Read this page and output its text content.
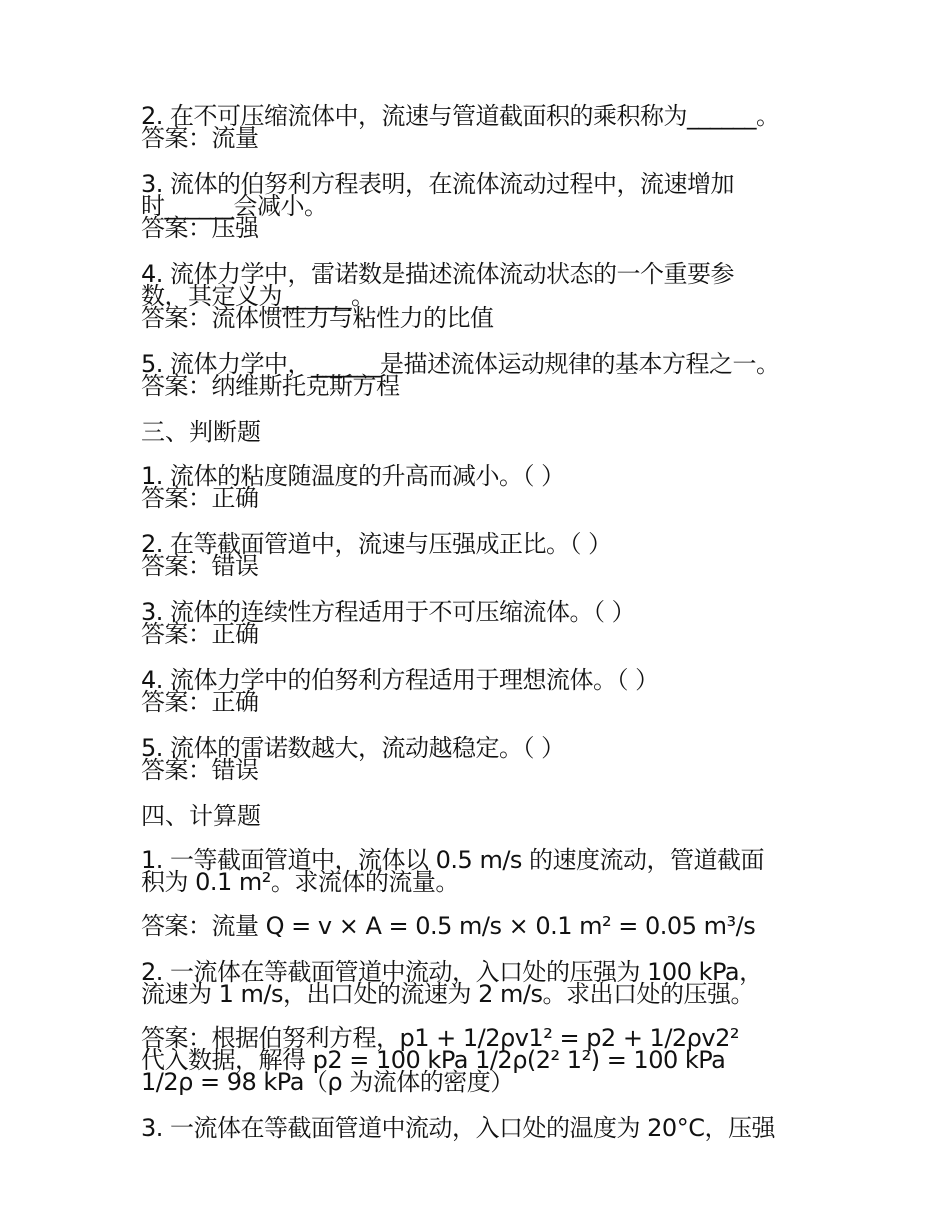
2. 在不可压缩流体中，流速与管道截面积的乘积称为______。
答案：流量
3. 流体的伯努利方程表明，在流体流动过程中，流速增加
时______会减小。
答案：压强
4. 流体力学中，雷诺数是描述流体流动状态的一个重要参
数，其定义为______。
答案：流体惯性力与粘性力的比值
5. 流体力学中，______是描述流体运动规律的基本方程之一。
答案：纳维斯托克斯方程
三、判断题
1. 流体的粘度随温度的升高而减小。（ ）
答案：正确
2. 在等截面管道中，流速与压强成正比。（ ）
答案：错误
3. 流体的连续性方程适用于不可压缩流体。（ ）
答案：正确
4. 流体力学中的伯努利方程适用于理想流体。（ ）
答案：正确
5. 流体的雷诺数越大，流动越稳定。（ ）
答案：错误
四、计算题
1. 一等截面管道中，流体以 0.5 m/s 的速度流动，管道截面
积为 0.1 m²。求流体的流量。
答案：流量 Q = v × A = 0.5 m/s × 0.1 m² = 0.05 m³/s
2. 一流体在等截面管道中流动，入口处的压强为 100 kPa，
流速为 1 m/s，出口处的流速为 2 m/s。求出口处的压强。
答案：根据伯努利方程，p1 + 1/2ρv1² = p2 + 1/2ρv2²
代入数据，解得 p2 = 100 kPa 1/2ρ(2² 1²) = 100 kPa
1/2ρ = 98 kPa（ρ 为流体的密度）
3. 一流体在等截面管道中流动，入口处的温度为 20°C，压强
